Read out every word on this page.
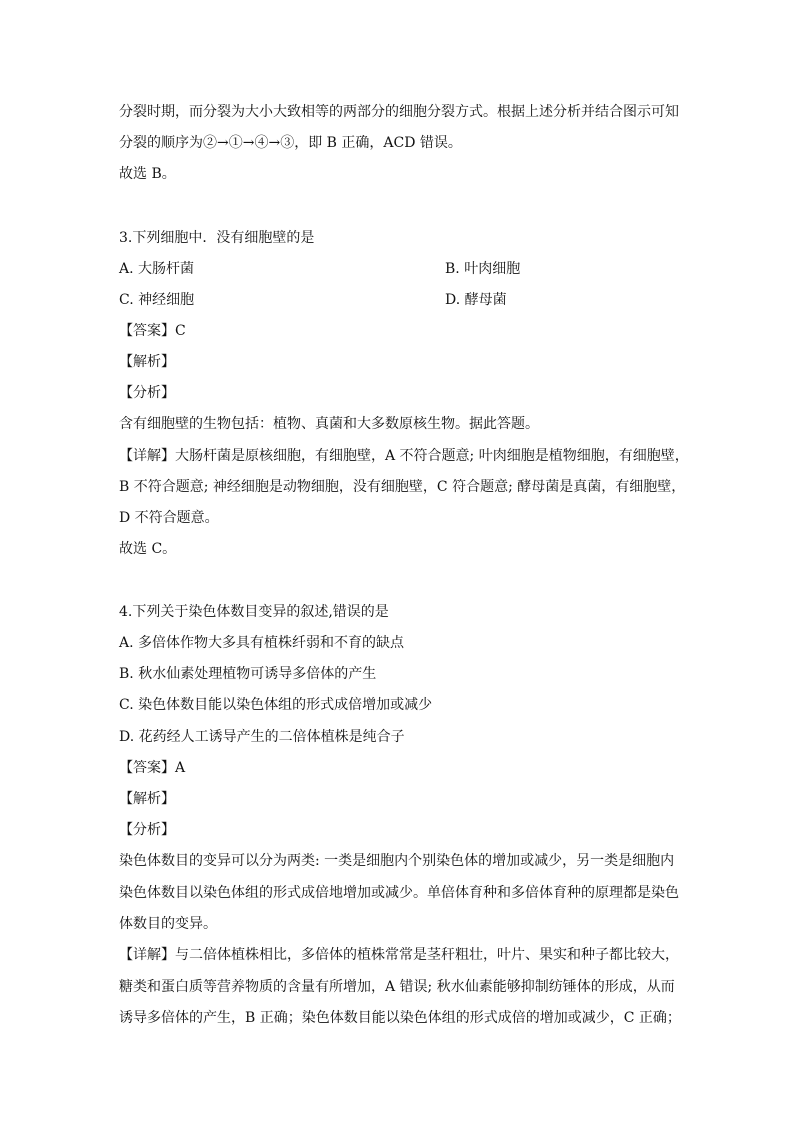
分裂时期，而分裂为大小大致相等的两部分的细胞分裂方式。根据上述分析并结合图示可知
分裂的顺序为②→①→④→③，即 B 正确，ACD 错误。
故选 B。
3.下列细胞中．没有细胞壁的是
A. 大肠杆菌	B. 叶肉细胞
C. 神经细胞	D. 酵母菌
【答案】C
【解析】
【分析】
含有细胞壁的生物包括：植物、真菌和大多数原核生物。据此答题。
【详解】大肠杆菌是原核细胞，有细胞壁，A 不符合题意; 叶肉细胞是植物细胞，有细胞壁，
B 不符合题意; 神经细胞是动物细胞，没有细胞壁，C 符合题意; 酵母菌是真菌，有细胞壁，
D 不符合题意。
故选 C。
4.下列关于染色体数目变异的叙述,错误的是
A. 多倍体作物大多具有植株纤弱和不育的缺点
B. 秋水仙素处理植物可诱导多倍体的产生
C. 染色体数目能以染色体组的形式成倍增加或减少
D. 花药经人工诱导产生的二倍体植株是纯合子
【答案】A
【解析】
【分析】
染色体数目的变异可以分为两类: 一类是细胞内个别染色体的增加或减少，另一类是细胞内
染色体数目以染色体组的形式成倍地增加或减少。单倍体育种和多倍体育种的原理都是染色
体数目的变异。
【详解】与二倍体植株相比，多倍体的植株常常是茎秆粗壮，叶片、果实和种子都比较大，
糖类和蛋白质等营养物质的含量有所增加，A 错误; 秋水仙素能够抑制纺锤体的形成，从而
诱导多倍体的产生，B 正确；染色体数目能以染色体组的形式成倍的增加或减少，C 正确；
